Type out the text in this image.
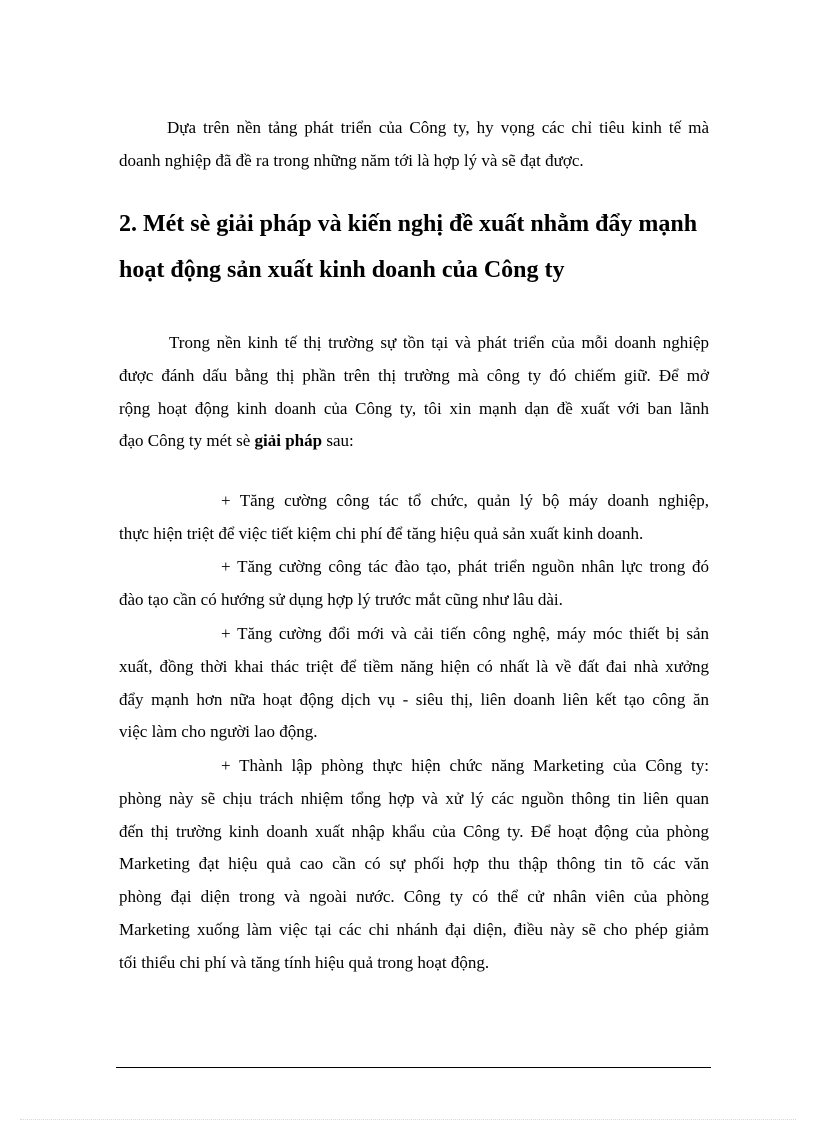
Dựa trên nền tảng phát triển của Công ty, hy vọng các chỉ tiêu kinh tế mà
doanh nghiệp đã đề ra trong những năm tới là hợp lý và sẽ đạt được.
2. Mét sè giải pháp và kiến nghị đề xuất nhằm đẩy mạnh
hoạt động sản xuất kinh doanh của Công ty
Trong nền kinh tế thị trường sự tồn tại và phát triển của mỗi doanh nghiệp
được đánh dấu bằng thị phần trên thị trường mà công ty đó chiếm giữ. Để mở
rộng hoạt động kinh doanh của Công ty, tôi xin mạnh dạn đề xuất với ban lãnh
đạo Công ty mét sè giải pháp sau:
+ Tăng cường công tác tổ chức, quản lý bộ máy doanh nghiệp,
thực hiện triệt để việc tiết kiệm chi phí để tăng hiệu quả sản xuất kinh doanh.
+ Tăng cường công tác đào tạo, phát triển nguồn nhân lực trong đó
đào tạo cần có hướng sử dụng hợp lý trước mắt cũng như lâu dài.
+ Tăng cường đổi mới và cải tiến công nghệ, máy móc thiết bị sản
xuất, đồng thời khai thác triệt để tiềm năng hiện có nhất là về đất đai nhà xưởng
đẩy mạnh hơn nữa hoạt động dịch vụ - siêu thị, liên doanh liên kết tạo công ăn
việc làm cho người lao động.
+ Thành lập phòng thực hiện chức năng Marketing của Công ty:
phòng này sẽ chịu trách nhiệm tổng hợp và xử lý các nguồn thông tin liên quan
đến thị trường kinh doanh xuất nhập khẩu của Công ty. Để hoạt động của phòng
Marketing đạt hiệu quả cao cần có sự phối hợp thu thập thông tin tõ các văn
phòng đại diện trong và ngoài nước. Công ty có thể cử nhân viên của phòng
Marketing xuống làm việc tại các chi nhánh đại diện, điều này sẽ cho phép giảm
tối thiểu chi phí và tăng tính hiệu quả trong hoạt động.
